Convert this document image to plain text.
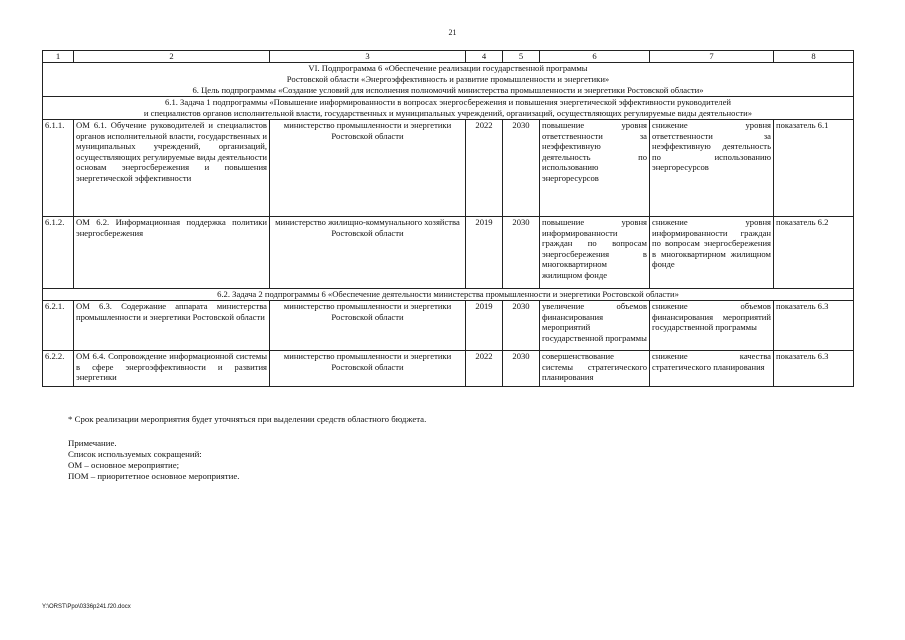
21
1	2	3	4	5	6	7	8

VI. Подпрограмма 6 «Обеспечение реализации государственной программы
Ростовской области «Энергоэффективность и развитие промышленности и энергетики»
6. Цель подпрограммы «Создание условий для исполнения полномочий министерства промышленности и энергетики Ростовской области»							

6.1. Задача 1 подпрограммы «Повышение информированности в вопросах энергосбережения и повышения энергетической эффективности руководителей
и специалистов органов исполнительной власти, государственных и муниципальных учреждений, организаций, осуществляющих регулируемые виды деятельности»							

6.1.1.	ОМ 6.1. Обучение руководителей и специалистов органов исполнительной власти, государственных и муниципальных учреждений, организаций, осуществляющих регулируемые виды деятельности основам энергосбережения и повышения энергетической эффективности	министерство промышленности и энергетики Ростовской области	2022	2030	повышение уровня ответственности за неэффективную деятельность по использованию энергоресурсов	снижение уровня ответственности за неэффективную деятельность по использованию энергоресурсов	показатель 6.1
6.1.2.	ОМ 6.2. Информационная поддержка политики энергосбережения	министерство жилищно-коммунального хозяйства Ростовской области	2019	2030	повышение уровня информированности граждан по вопросам энергосбережения в многоквартирном жилищном фонде	снижение уровня информированности граждан по вопросам энергосбережения в многоквартирном жилищном фонде	показатель 6.2
6.2. Задача 2 подпрограммы 6 «Обеспечение деятельности министерства промышленности и энергетики Ростовской области»							
6.2.1.	ОМ 6.3. Содержание аппарата министерства промышленности и энергетики Ростовской области	министерство промышленности и энергетики Ростовской области	2019	2030	увеличение объемов финансирования мероприятий государственной программы	снижение объемов финансирования мероприятий государственной программы	показатель 6.3
6.2.2.	ОМ 6.4. Сопровождение информационной системы в сфере энергоэффективности и развития энергетики	министерство промышленности и энергетики Ростовской области	2022	2030	совершенствование системы стратегического планирования	снижение качества стратегического планирования	показатель 6.3
* Срок реализации мероприятия будет уточняться при выделении средств областного бюджета.
Примечание.
Список используемых сокращений:
ОМ – основное мероприятие;
ПОМ – приоритетное основное мероприятие.
Y:\ORST\Ppo\0336p241.f20.docx
